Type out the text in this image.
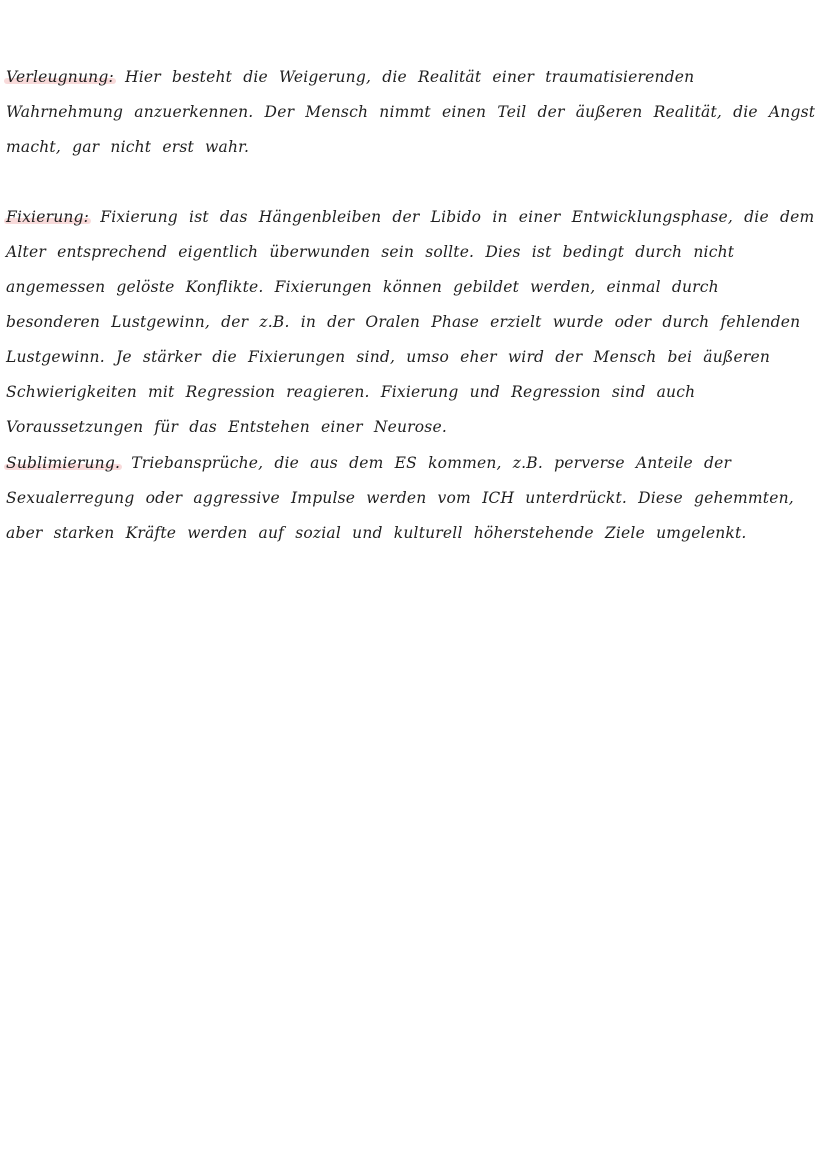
Verleugnung: Hier besteht die Weigerung, die Realität einer traumatisierenden Wahrnehmung anzuerkennen. Der Mensch nimmt einen Teil der äußeren Realität, die Angst macht, gar nicht erst wahr.
Fixierung: Fixierung ist das Hängenbleiben der Libido in einer Entwicklungsphase, die dem Alter entsprechend eigentlich überwunden sein sollte. Dies ist bedingt durch nicht angemessen gelöste Konflikte. Fixierungen können gebildet werden, einmal durch besonderen Lustgewinn, der z.B. in der Oralen Phase erzielt wurde oder durch fehlenden Lustgewinn. Je stärker die Fixierungen sind, umso eher wird der Mensch bei äußeren Schwierigkeiten mit Regression reagieren. Fixierung und Regression sind auch Voraussetzungen für das Entstehen einer Neurose.
Sublimierung. Triebansprüche, die aus dem ES kommen, z.B. perverse Anteile der Sexualerregung oder aggressive Impulse werden vom ICH unterdrückt. Diese gehemmten, aber starken Kräfte werden auf sozial und kulturell höherstehende Ziele umgelenkt.
